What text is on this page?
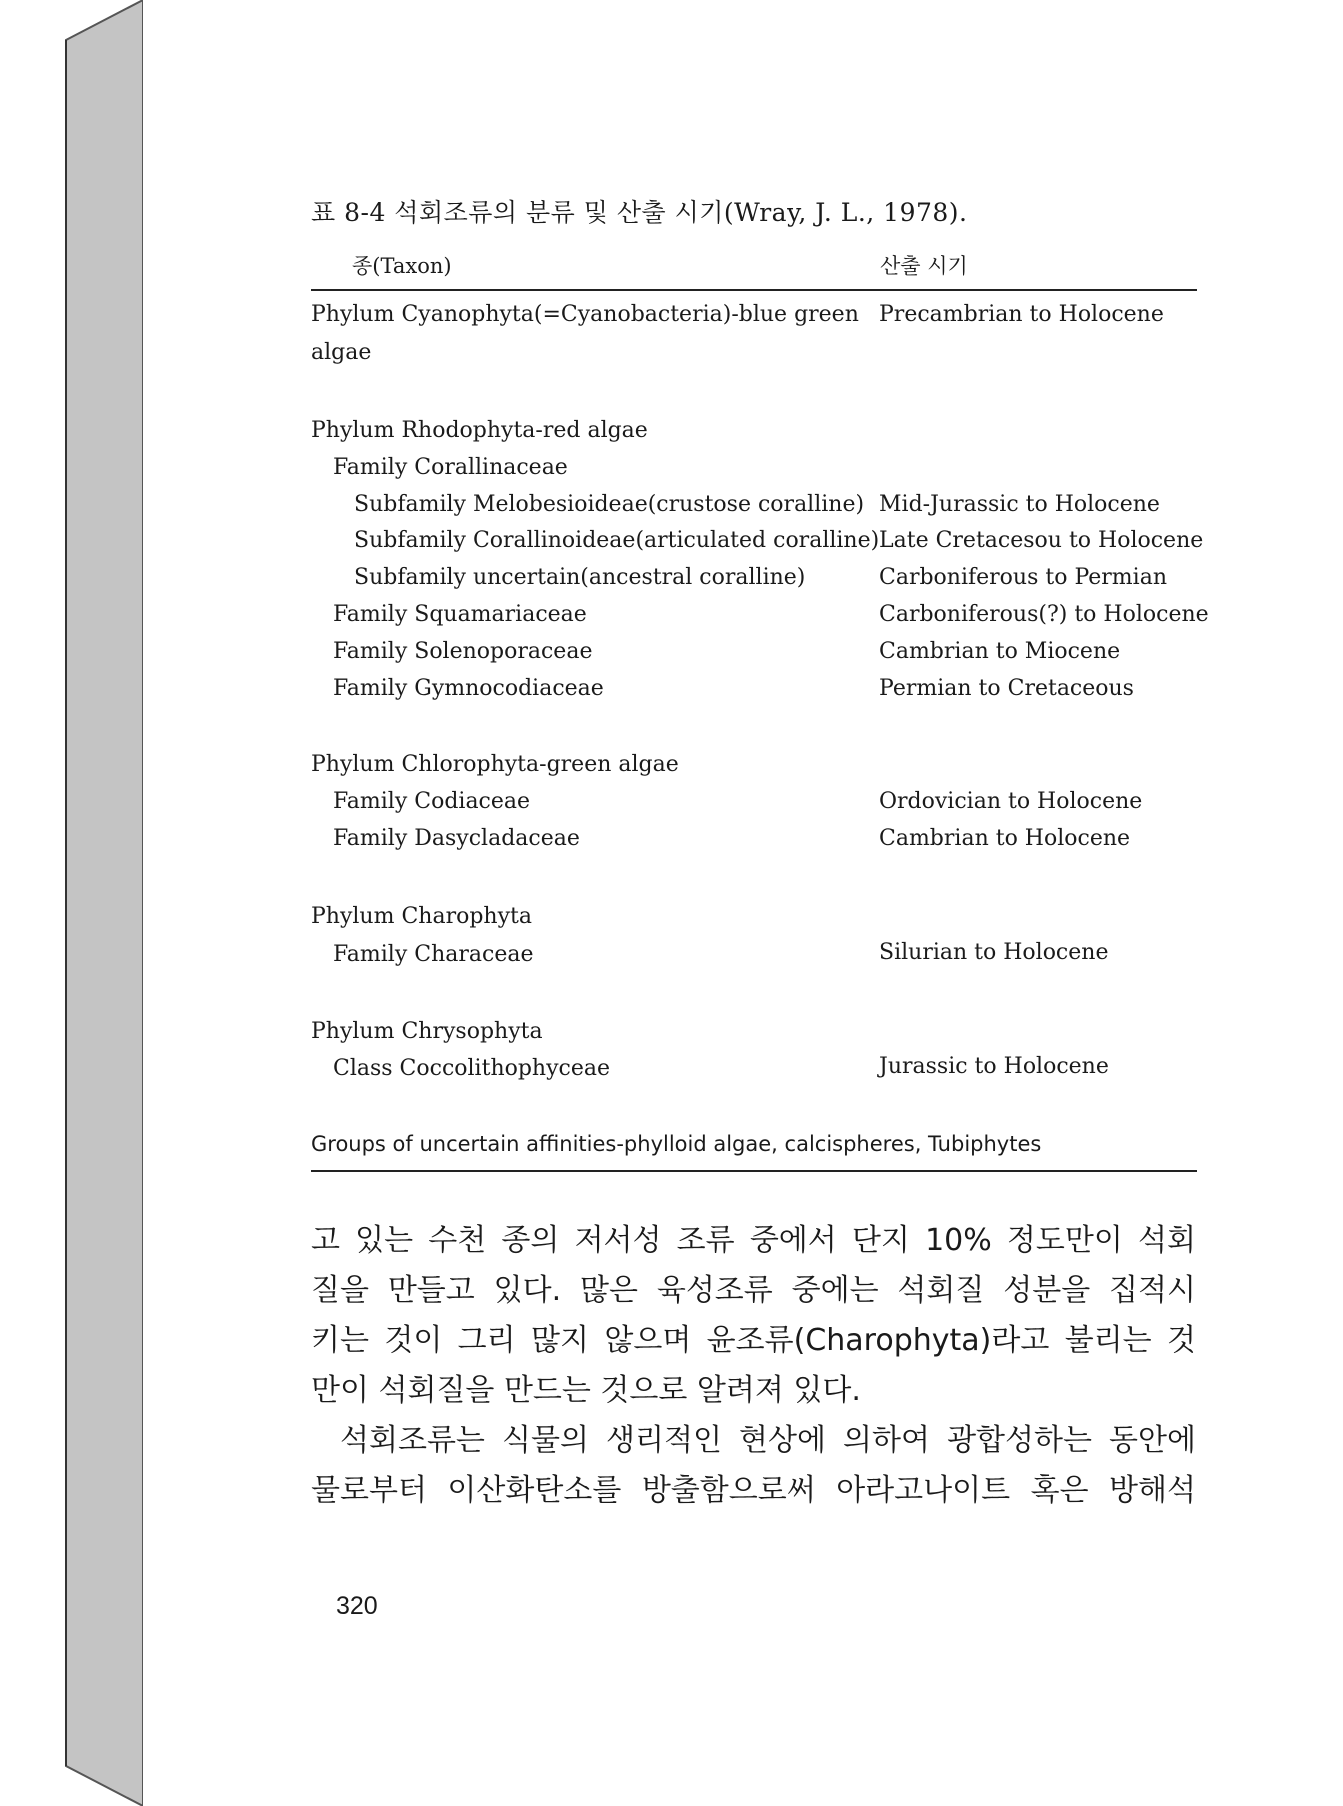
표 8-4 석회조류의 분류 및 산출 시기(Wray, J. L., 1978).
종(Taxon)	산출 시기
Phylum Cyanophyta(=Cyanobacteria)-blue green
algae
Precambrian to Holocene
Phylum Rhodophyta-red algae
Family Corallinaceae
Subfamily Melobesioideae(crustose coralline) Mid-Jurassic to Holocene
Subfamily Corallinoideae(articulated coralline) Late Cretacesou to Holocene
Subfamily uncertain(ancestral coralline)	Carboniferous to Permian
Family Squamariaceae	Carboniferous(?) to Holocene
Family Solenoporaceae	Cambrian to Miocene
Family Gymnocodiaceae	Permian to Cretaceous
Phylum Chlorophyta-green algae
Family Codiaceae	Ordovician to Holocene
Family Dasycladaceae	Cambrian to Holocene
Phylum Charophyta
Family Characeae	Silurian to Holocene
Phylum Chrysophyta
Class Coccolithophyceae	Jurassic to Holocene
Groups of uncertain affinities-phylloid algae, calcispheres, Tubiphytes
고 있는 수천 종의 저서성 조류 중에서 단지 10% 정도만이 석회
질을 만들고 있다. 많은 육성조류 중에는 석회질 성분을 집적시
키는 것이 그리 많지 않으며 윤조류(Charophyta)라고 불리는 것
만이 석회질을 만드는 것으로 알려져 있다.
석회조류는 식물의 생리적인 현상에 의하여 광합성하는 동안에
물로부터 이산화탄소를 방출함으로써 아라고나이트 혹은 방해석
320
